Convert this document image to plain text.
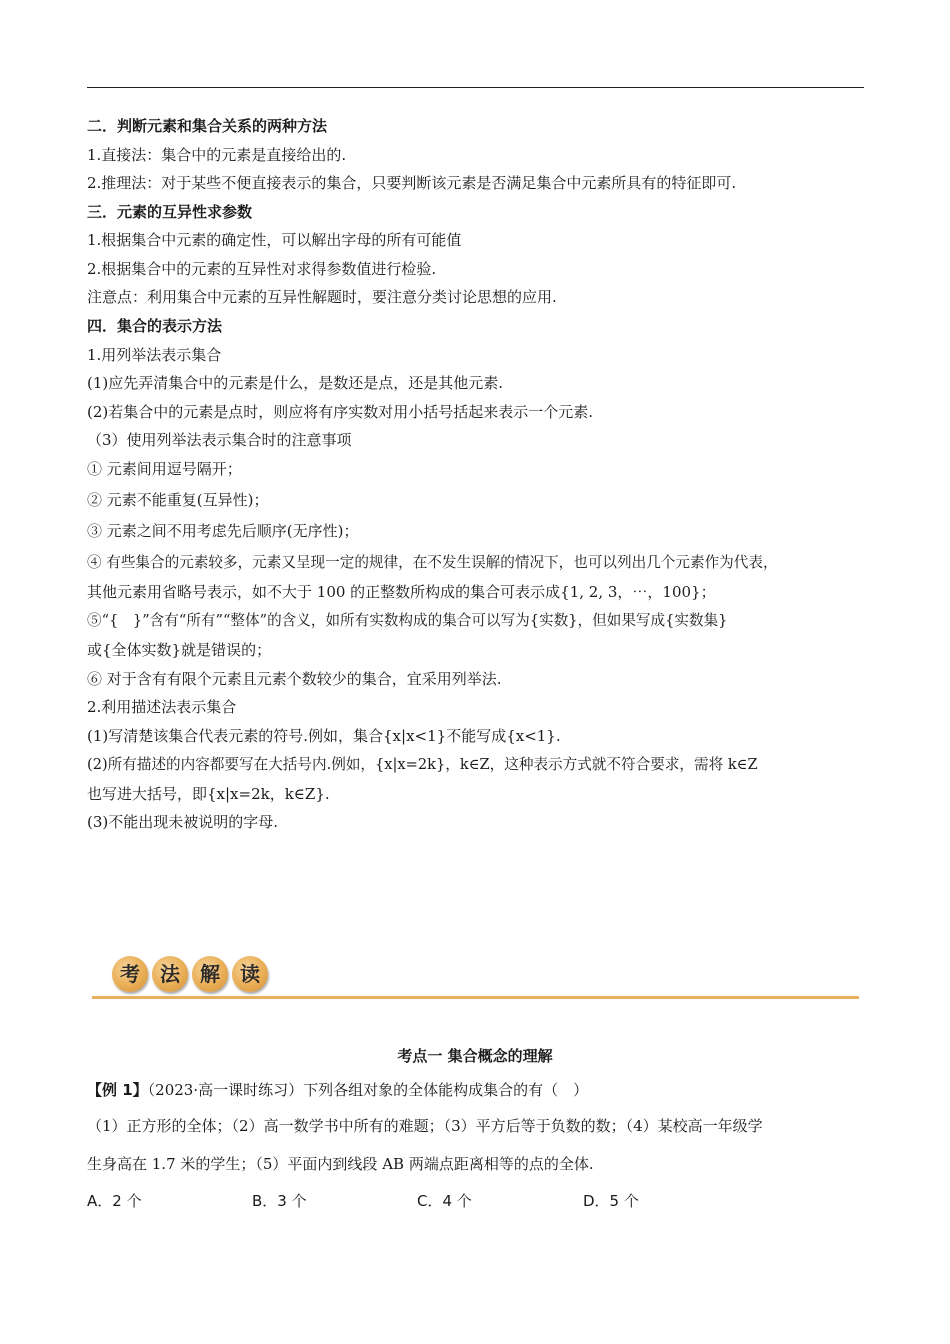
二．判断元素和集合关系的两种方法
1.直接法：集合中的元素是直接给出的.
2.推理法：对于某些不便直接表示的集合，只要判断该元素是否满足集合中元素所具有的特征即可.
三．元素的互异性求参数
1.根据集合中元素的确定性，可以解出字母的所有可能值
2.根据集合中的元素的互异性对求得参数值进行检验.
注意点：利用集合中元素的互异性解题时，要注意分类讨论思想的应用.
四．集合的表示方法
1.用列举法表示集合
(1)应先弄清集合中的元素是什么，是数还是点，还是其他元素.
(2)若集合中的元素是点时，则应将有序实数对用小括号括起来表示一个元素.
（3）使用列举法表示集合时的注意事项
① 元素间用逗号隔开；
② 元素不能重复(互异性)；
③ 元素之间不用考虑先后顺序(无序性)；
④ 有些集合的元素较多，元素又呈现一定的规律，在不发生误解的情况下，也可以列出几个元素作为代表，
其他元素用省略号表示，如不大于 100 的正整数所构成的集合可表示成{1, 2, 3，⋯，100}；
⑤“{　}”含有“所有”“整体”的含义，如所有实数构成的集合可以写为{实数}，但如果写成{实数集}
或{全体实数}就是错误的；
⑥ 对于含有有限个元素且元素个数较少的集合，宜采用列举法.
2.利用描述法表示集合
(1)写清楚该集合代表元素的符号.例如，集合{x|x<1}不能写成{x<1}.
(2)所有描述的内容都要写在大括号内.例如，{x|x=2k}，k∈Z，这种表示方式就不符合要求，需将 k∈Z
也写进大括号，即{x|x=2k，k∈Z}.
(3)不能出现未被说明的字母.
考	法	解	读
考点一 集合概念的理解
【例 1】（2023·高一课时练习）下列各组对象的全体能构成集合的有（　）
（1）正方形的全体；（2）高一数学书中所有的难题；（3）平方后等于负数的数；（4）某校高一年级学
生身高在 1.7 米的学生；（5）平面内到线段 AB 两端点距离相等的点的全体.
A．2 个	B．3 个	C．4 个	D．5 个
